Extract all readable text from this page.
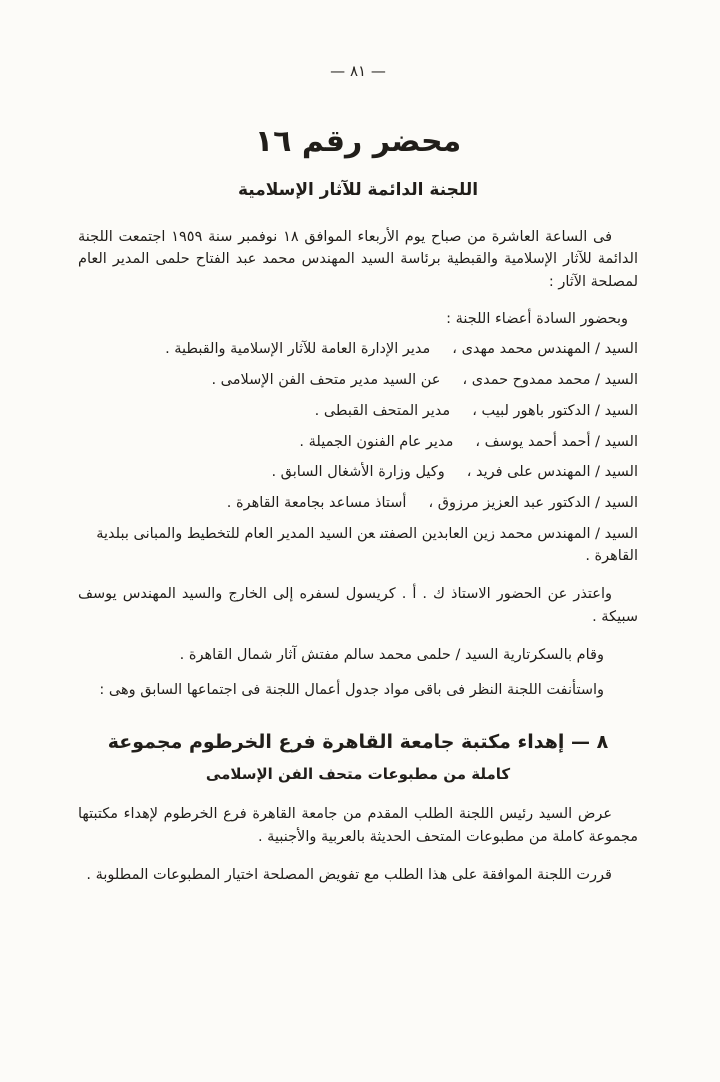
— ٨١ —
محضر رقم ١٦
اللجنة الدائمة للآثار الإسلامية

فى الساعة العاشرة من صباح يوم الأربعاء الموافق ١٨ نوفمبر سنة ١٩٥٩ اجتمعت اللجنة الدائمة للآثار الإسلامية والقبطية برئاسة السيد المهندس محمد عبد الفتاح حلمى المدير العام لمصلحة الآثار :

وبحضور السادة أعضاء اللجنة :

السيد / المهندس محمد مهدى ،مدير الإدارة العامة للآثار الإسلامية والقبطية .
السيد / محمد ممدوح حمدى ،عن السيد مدير متحف الفن الإسلامى .
السيد / الدكتور باهور لبيب ،مدير المتحف القبطى .
السيد / أحمد أحمد يوسف ،مدير عام الفنون الجميلة .
السيد / المهندس على فريد ،وكيل وزارة الأشغال السابق .
السيد / الدكتور عبد العزيز مرزوق ،أستاذ مساعد بجامعة القاهرة .
السيد / المهندس محمد زين العابدين الصفتىعن السيد المدير العام للتخطيط والمبانى ببلدية القاهرة .

واعتذر عن الحضور الاستاذ ك . أ . كريسول لسفره إلى الخارج والسيد المهندس يوسف سبيكة .

وقام بالسكرتارية السيد / حلمى محمد سالم مفتش آثار شمال القاهرة .

واستأنفت اللجنة النظر فى باقى مواد جدول أعمال اللجنة فى اجتماعها السابق وهى :

٨ — إهداء مكتبة جامعة القاهرة فرع الخرطوم مجموعة
كاملة من مطبوعات متحف الفن الإسلامى

عرض السيد رئيس اللجنة الطلب المقدم من جامعة القاهرة فرع الخرطوم لإهداء مكتبتها مجموعة كاملة من مطبوعات المتحف الحديثة بالعربية والأجنبية .

قررت اللجنة الموافقة على هذا الطلب مع تفويض المصلحة اختيار المطبوعات المطلوبة .
